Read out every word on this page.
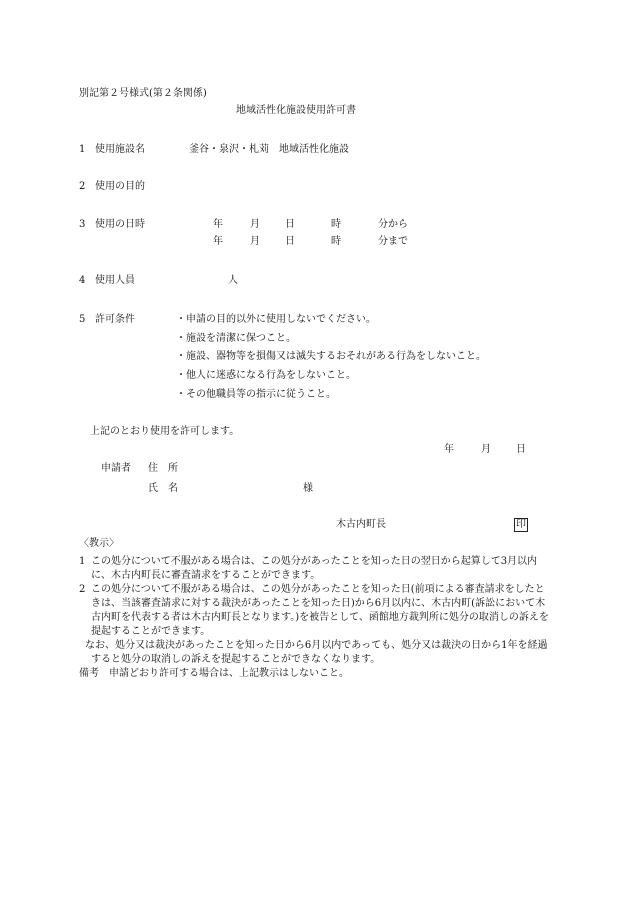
別記第２号様式(第２条関係)
地域活性化施設使用許可書
1 使用施設名	釜谷・泉沢・札苅　地域活性化施設
2 使用の目的
3 使用の日時	年	月	日	時	分から
年	月	日	時	分まで
4 使用人員	人
5 許可条件	・申請の目的以外に使用しないでください。
・施設を清潔に保つこと。
・施設、器物等を損傷又は滅失するおそれがある行為をしないこと。
・他人に迷惑になる行為をしないこと。
・その他職員等の指示に従うこと。
上記のとおり使用を許可します。
年	月	日
申請者 住　所
氏　名	様
木古内町長	印
〈教示〉
1 この処分について不服がある場合は、この処分があったことを知った日の翌日から起算して3月以内に、木古内町長に審査請求をすることができます。
2 この処分について不服がある場合は、この処分があったことを知った日(前項による審査請求をしたときは、当該審査請求に対する裁決があったことを知った日)から6月以内に、木古内町(訴訟において木古内町を代表する者は木古内町長となります。)を被告として、函館地方裁判所に処分の取消しの訴えを提起することができます。
なお、処分又は裁決があったことを知った日から6月以内であっても、処分又は裁決の日から1年を経過すると処分の取消しの訴えを提起することができなくなります。
備考　申請どおり許可する場合は、上記教示はしないこと。
